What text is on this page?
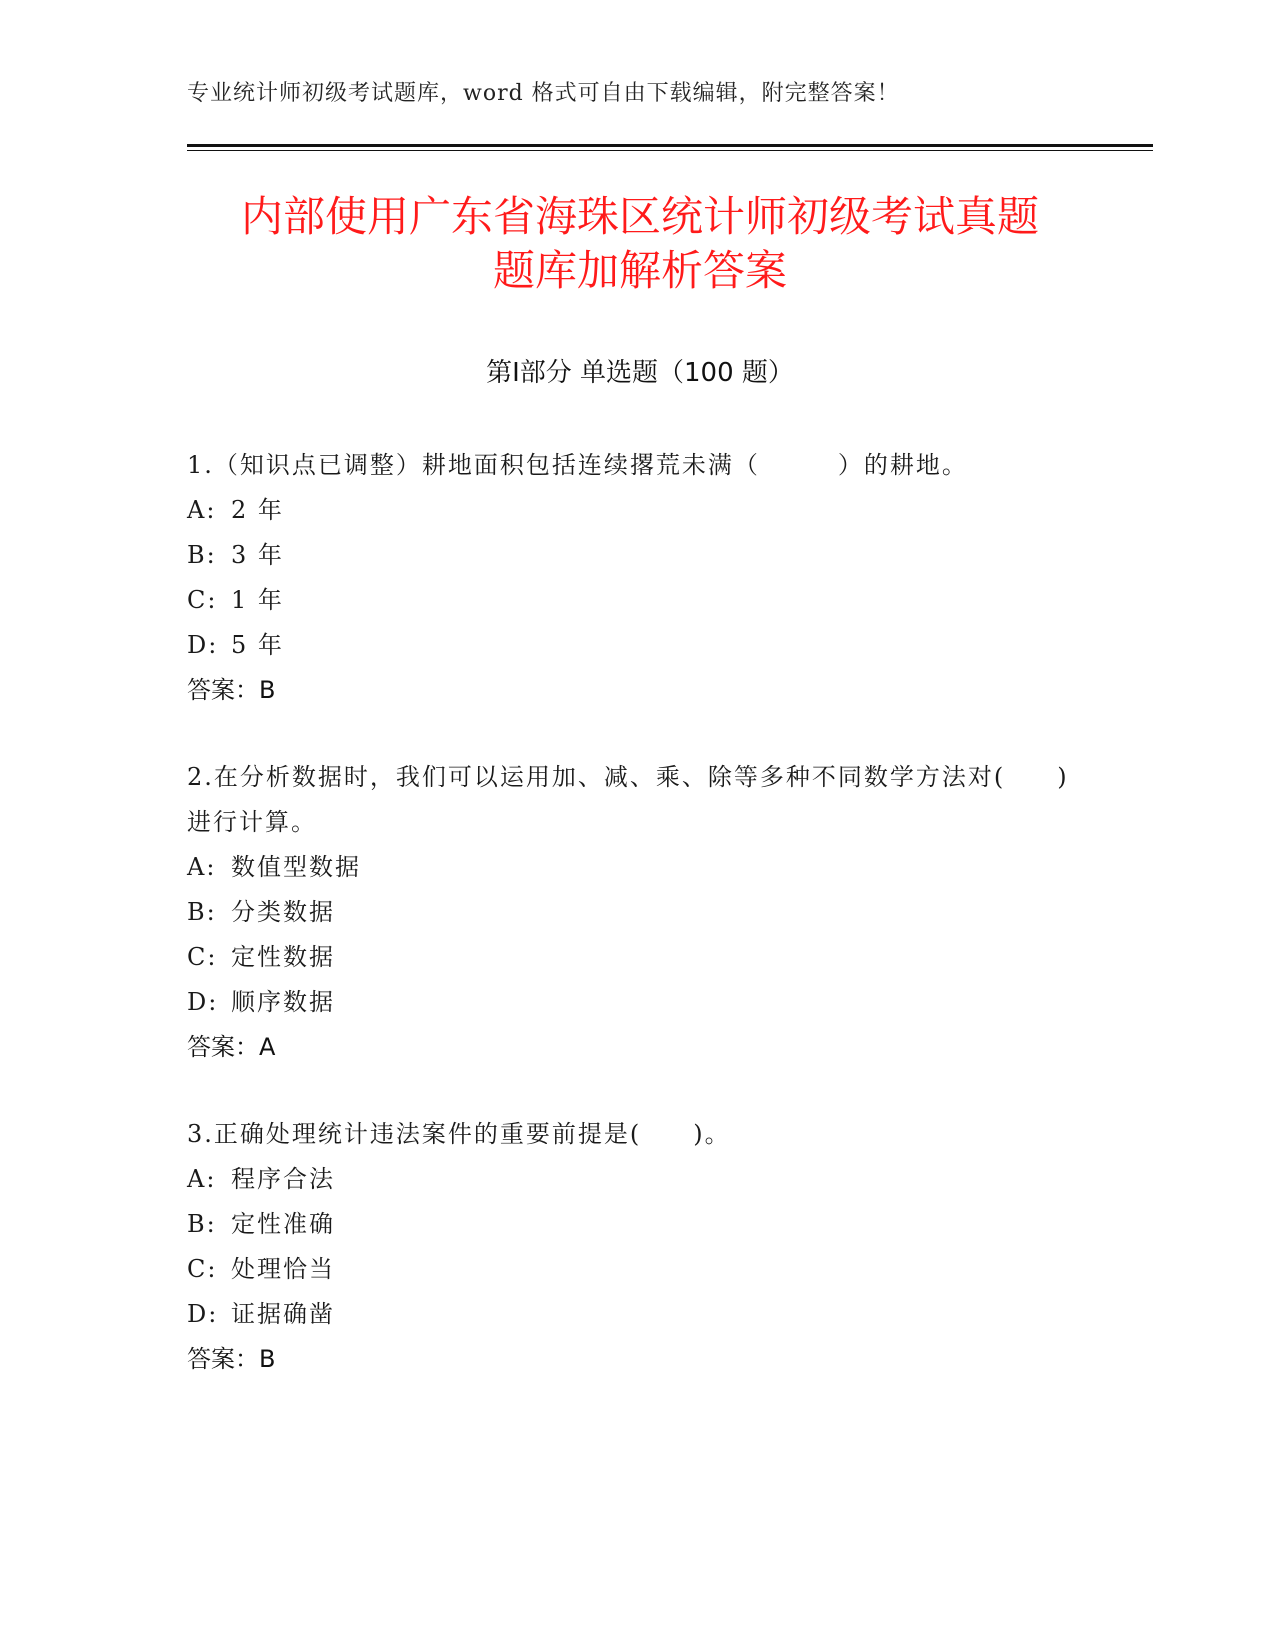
专业统计师初级考试题库，word 格式可自由下载编辑，附完整答案！
内部使用广东省海珠区统计师初级考试真题
题库加解析答案
第Ⅰ部分 单选题（100 题）
1.（知识点已调整）耕地面积包括连续撂荒未满（　　　）的耕地。
A: 2 年
B: 3 年
C: 1 年
D: 5 年
答案： B
2.在分析数据时，我们可以运用加、减、乘、除等多种不同数学方法对(　　)进行计算。
A: 数值型数据
B: 分类数据
C: 定性数据
D: 顺序数据
答案： A
3.正确处理统计违法案件的重要前提是(　　)。
A: 程序合法
B: 定性准确
C: 处理恰当
D: 证据确凿
答案： B
